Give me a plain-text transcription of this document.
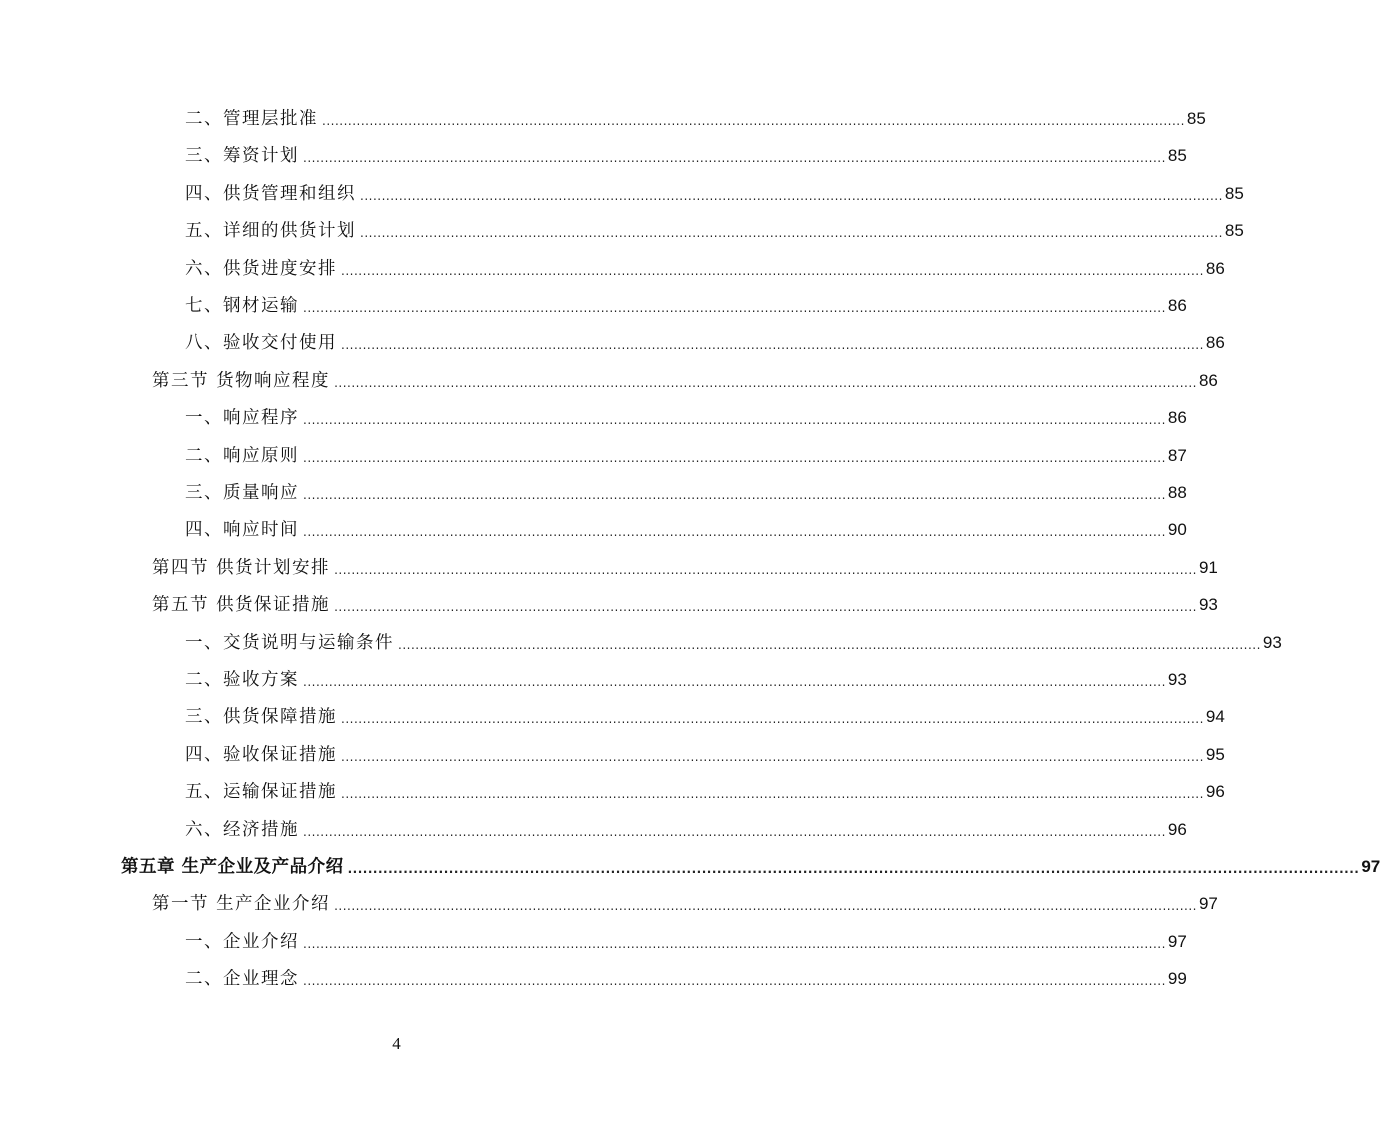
二、管理层批准 ........................................................................................................................................................................................................ 85
三、筹资计划 ........................................................................................................................................................................................................ 85
四、供货管理和组织 ........................................................................................................................................................................................................ 85
五、详细的供货计划 ........................................................................................................................................................................................................ 85
六、供货进度安排 ........................................................................................................................................................................................................ 86
七、钢材运输 ........................................................................................................................................................................................................ 86
八、验收交付使用 ........................................................................................................................................................................................................ 86
第三节 货物响应程度 ........................................................................................................................................................................................................ 86
一、响应程序 ........................................................................................................................................................................................................ 86
二、响应原则 ........................................................................................................................................................................................................ 87
三、质量响应 ........................................................................................................................................................................................................ 88
四、响应时间 ........................................................................................................................................................................................................ 90
第四节 供货计划安排 ........................................................................................................................................................................................................ 91
第五节 供货保证措施 ........................................................................................................................................................................................................ 93
一、交货说明与运输条件 ........................................................................................................................................................................................................ 93
二、验收方案 ........................................................................................................................................................................................................ 93
三、供货保障措施 ........................................................................................................................................................................................................ 94
四、验收保证措施 ........................................................................................................................................................................................................ 95
五、运输保证措施 ........................................................................................................................................................................................................ 96
六、经济措施 ........................................................................................................................................................................................................ 96
第五章 生产企业及产品介绍 ........................................................................................................................................................................................................ 97
第一节 生产企业介绍 ........................................................................................................................................................................................................ 97
一、企业介绍 ........................................................................................................................................................................................................ 97
二、企业理念 ........................................................................................................................................................................................................ 99
4
